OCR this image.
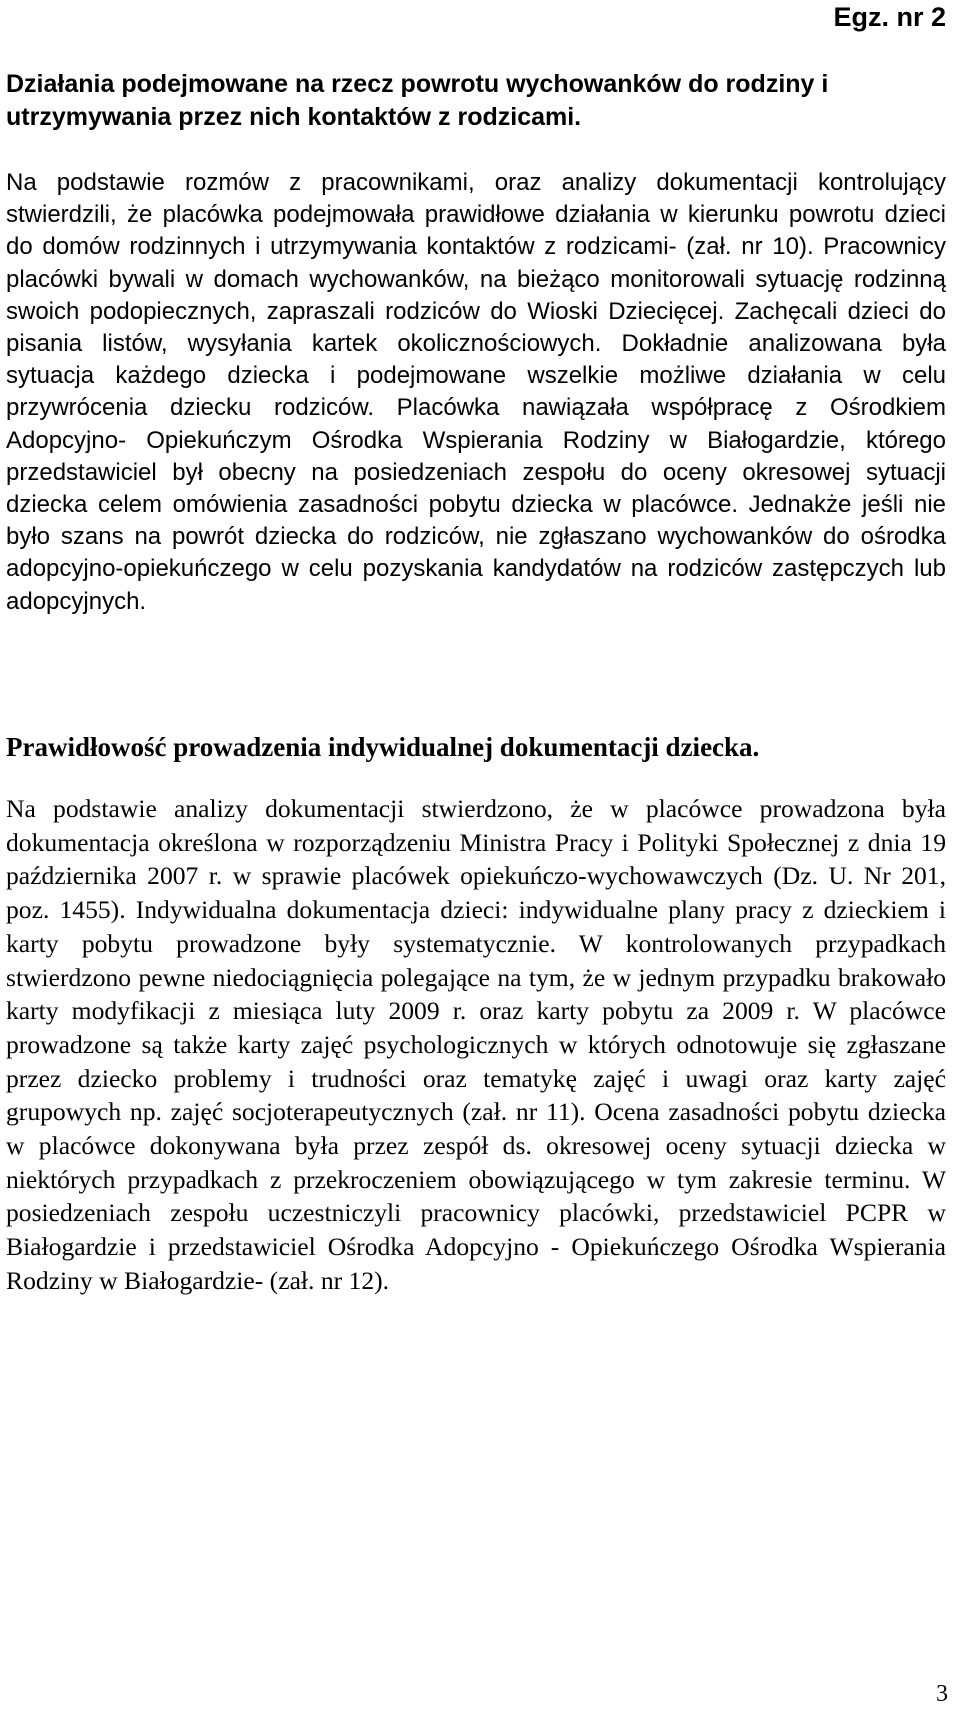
Egz. nr 2
Działania podejmowane na rzecz powrotu wychowanków do rodziny i utrzymywania przez nich kontaktów z rodzicami.

Na podstawie rozmów z pracownikami, oraz analizy dokumentacji kontrolujący stwierdzili, że placówka podejmowała prawidłowe działania w kierunku powrotu dzieci do domów rodzinnych i utrzymywania kontaktów z rodzicami- (zał. nr 10). Pracownicy placówki bywali w domach wychowanków, na bieżąco monitorowali sytuację rodzinną swoich podopiecznych, zapraszali rodziców do Wioski Dziecięcej. Zachęcali dzieci do pisania listów, wysyłania kartek okolicznościowych. Dokładnie analizowana była sytuacja każdego dziecka i podejmowane wszelkie możliwe działania w celu przywrócenia dziecku rodziców. Placówka nawiązała współpracę z Ośrodkiem Adopcyjno- Opiekuńczym Ośrodka Wspierania Rodziny w Białogardzie, którego przedstawiciel był obecny na posiedzeniach zespołu do oceny okresowej sytuacji dziecka celem omówienia zasadności pobytu dziecka w placówce. Jednakże jeśli nie było szans na powrót dziecka do rodziców, nie zgłaszano wychowanków do ośrodka adopcyjno-opiekuńczego w celu pozyskania kandydatów na rodziców zastępczych lub adopcyjnych.

Prawidłowość prowadzenia indywidualnej dokumentacji dziecka.

Na podstawie analizy dokumentacji stwierdzono, że w placówce prowadzona była dokumentacja określona w rozporządzeniu Ministra Pracy i Polityki Społecznej z dnia 19 października 2007 r. w sprawie placówek opiekuńczo-wychowawczych (Dz. U. Nr 201, poz. 1455). Indywidualna dokumentacja dzieci: indywidualne plany pracy z dzieckiem i karty pobytu prowadzone były systematycznie. W kontrolowanych przypadkach stwierdzono pewne niedociągnięcia polegające na tym, że w jednym przypadku brakowało karty modyfikacji z miesiąca luty 2009 r. oraz karty pobytu za 2009 r. W placówce prowadzone są także karty zajęć psychologicznych w których odnotowuje się zgłaszane przez dziecko problemy i trudności oraz tematykę zajęć i uwagi oraz karty zajęć grupowych np. zajęć socjoterapeutycznych (zał. nr 11). Ocena zasadności pobytu dziecka w placówce dokonywana była przez zespół ds. okresowej oceny sytuacji dziecka w niektórych przypadkach z przekroczeniem obowiązującego w tym zakresie terminu. W posiedzeniach zespołu uczestniczyli pracownicy placówki, przedstawiciel PCPR w Białogardzie i przedstawiciel Ośrodka Adopcyjno - Opiekuńczego Ośrodka Wspierania Rodziny w Białogardzie- (zał. nr 12).

3
